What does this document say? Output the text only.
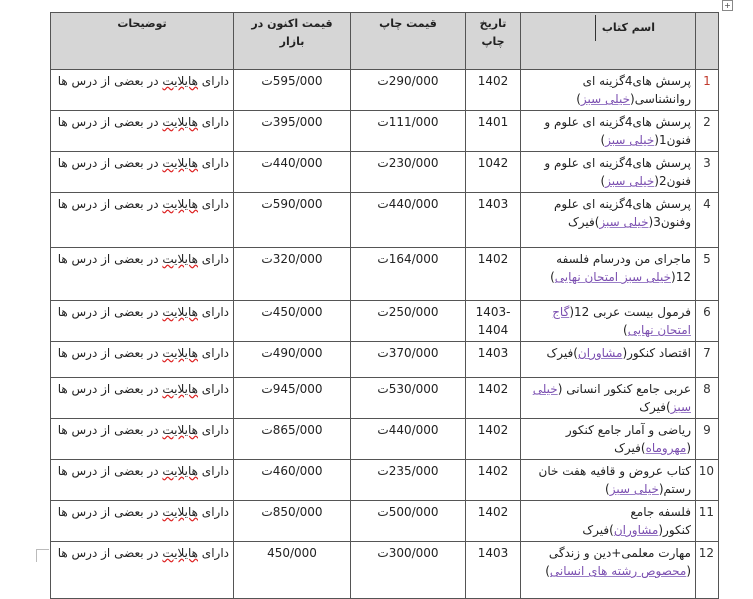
+
	اسم کتاب	تاریخ چاپ	قیمت چاپ	قیمت اکنون در بازار	توضیحات
1	پرسش های4گزینه ای روانشناسی(خیلی سبز)	1402	290/000ت	595/000ت	دارای هایلایت در بعضی از درس ها
2	پرسش های4گزینه ای علوم و فنون1(خیلی سبز)	1401	111/000ت	395/000ت	دارای هایلایت در بعضی از درس ها
3	پرسش های4گزینه ای علوم و فنون2(خیلی سبز)	1042	230/000ت	440/000ت	دارای هایلایت در بعضی از درس ها
4	پرسش های4گزینه ای علوم وفنون3(خیلی سبز)فیرک	1403	440/000ت	590/000ت	دارای هایلایت در بعضی از درس ها
5	ماجرای من ودرسام فلسفه 12(خیلی سبز امتحان نهایی)	1402	164/000ت	320/000ت	دارای هایلایت در بعضی از درس ها
6	فرمول بیست عربی 12(گاج امتحان نهایی)	1403-1404	250/000ت	450/000ت	دارای هایلایت در بعضی از درس ها
7	اقتصاد کنکور(مشاوران)فیرک	1403	370/000ت	490/000ت	دارای هایلایت در بعضی از درس ها
8	عربی جامع کنکور انسانی (خیلی سبز)فیرک	1402	530/000ت	945/000ت	دارای هایلایت در بعضی از درس ها
9	ریاضی و آمار جامع کنکور (مهروماه)فیرک	1402	440/000ت	865/000ت	دارای هایلایت در بعضی از درس ها
10	کتاب عروض و قافیه هفت خان رستم(خیلی سبز)	1402	235/000ت	460/000ت	دارای هایلایت در بعضی از درس ها
11	فلسفه جامع کنکور(مشاوران)فیرک	1402	500/000ت	850/000ت	دارای هایلایت در بعضی از درس ها
12	مهارت معلمی+دین و زندگی (محصوص رشته های انسانی)	1403	300/000ت	450/000	دارای هایلایت در بعضی از درس ها
